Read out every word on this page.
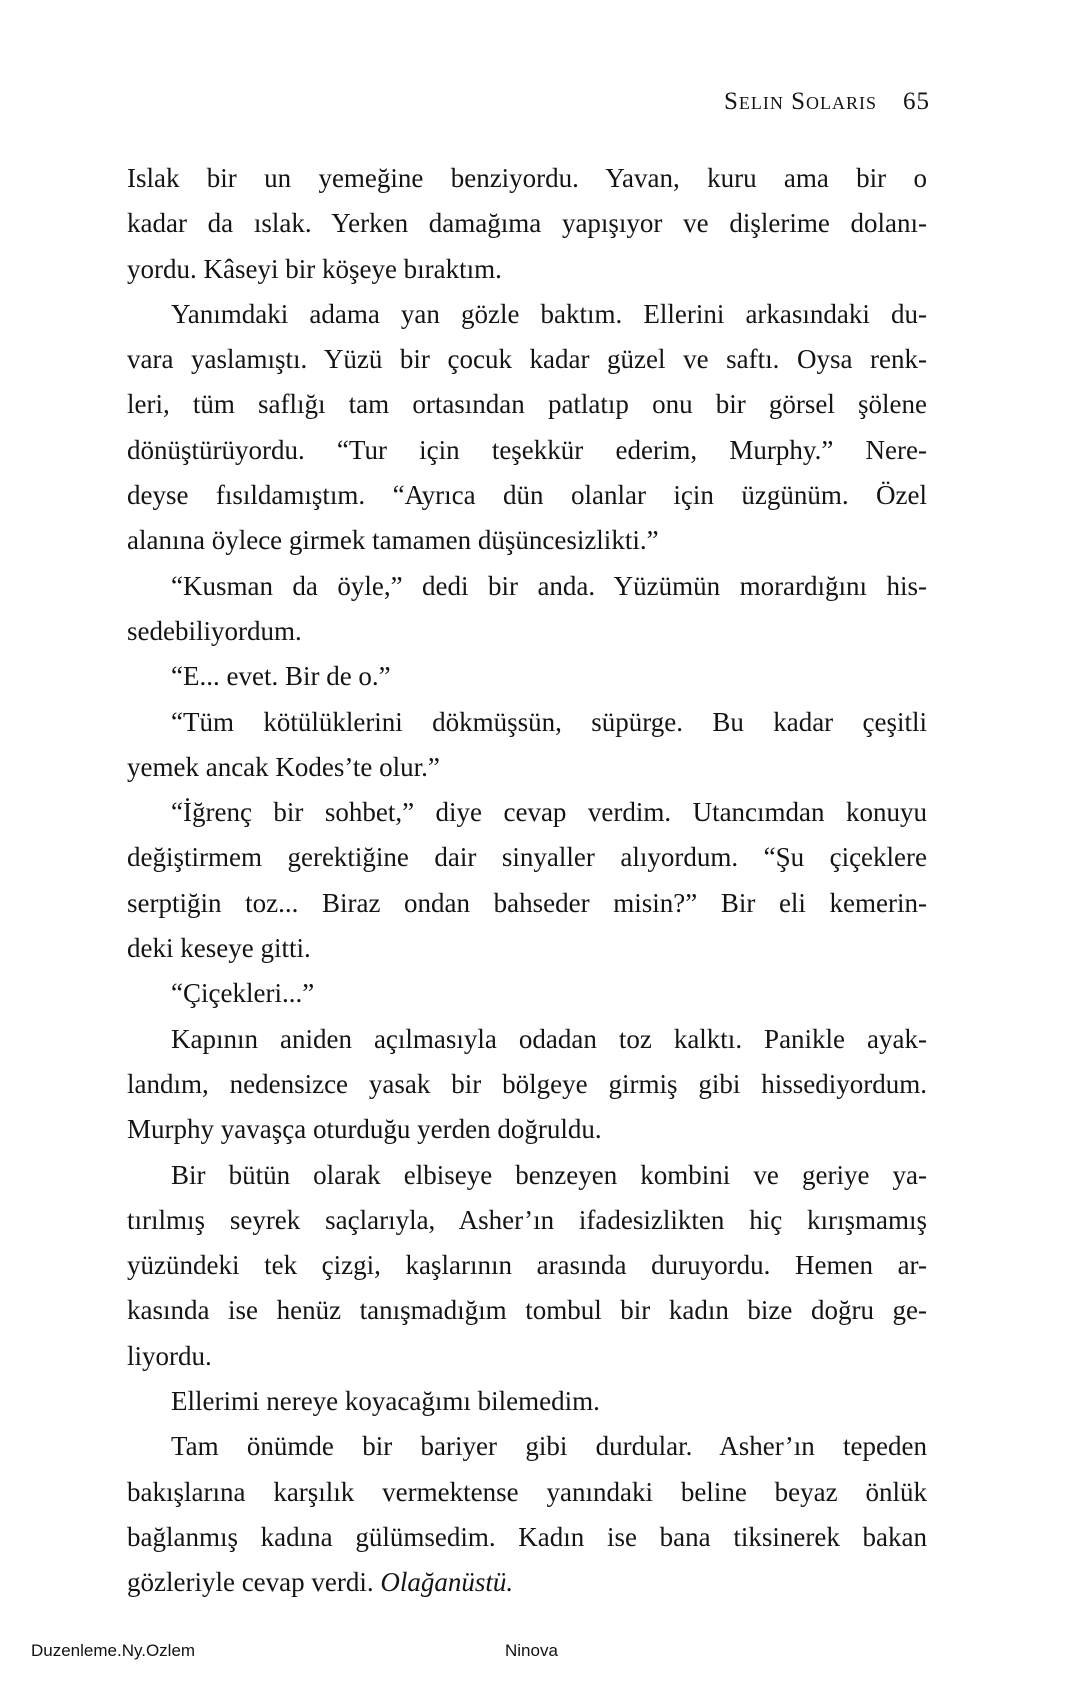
Selin Solaris 65
Islak bir un yemeğine benziyordu. Yavan, kuru ama bir o
kadar da ıslak. Yerken damağıma yapışıyor ve dişlerime dolanı-
yordu. Kâseyi bir köşeye bıraktım.
Yanımdaki adama yan gözle baktım. Ellerini arkasındaki du-
vara yaslamıştı. Yüzü bir çocuk kadar güzel ve saftı. Oysa renk-
leri, tüm saflığı tam ortasından patlatıp onu bir görsel şölene
dönüştürüyordu. “Tur için teşekkür ederim, Murphy.” Nere-
deyse fısıldamıştım. “Ayrıca dün olanlar için üzgünüm. Özel
alanına öylece girmek tamamen düşüncesizlikti.”
“Kusman da öyle,” dedi bir anda. Yüzümün morardığını his-
sedebiliyordum.
“E... evet. Bir de o.”
“Tüm kötülüklerini dökmüşsün, süpürge. Bu kadar çeşitli
yemek ancak Kodes’te olur.”
“İğrenç bir sohbet,” diye cevap verdim. Utancımdan konuyu
değiştirmem gerektiğine dair sinyaller alıyordum. “Şu çiçeklere
serptiğin toz... Biraz ondan bahseder misin?” Bir eli kemerin-
deki keseye gitti.
“Çiçekleri...”
Kapının aniden açılmasıyla odadan toz kalktı. Panikle ayak-
landım, nedensizce yasak bir bölgeye girmiş gibi hissediyordum.
Murphy yavaşça oturduğu yerden doğruldu.
Bir bütün olarak elbiseye benzeyen kombini ve geriye ya-
tırılmış seyrek saçlarıyla, Asher’ın ifadesizlikten hiç kırışmamış
yüzündeki tek çizgi, kaşlarının arasında duruyordu. Hemen ar-
kasında ise henüz tanışmadığım tombul bir kadın bize doğru ge-
liyordu.
Ellerimi nereye koyacağımı bilemedim.
Tam önümde bir bariyer gibi durdular. Asher’ın tepeden
bakışlarına karşılık vermektense yanındaki beline beyaz önlük
bağlanmış kadına gülümsedim. Kadın ise bana tiksinerek bakan
gözleriyle cevap verdi. Olağanüstü.
Duzenleme.Ny.Ozlem	Ninova
